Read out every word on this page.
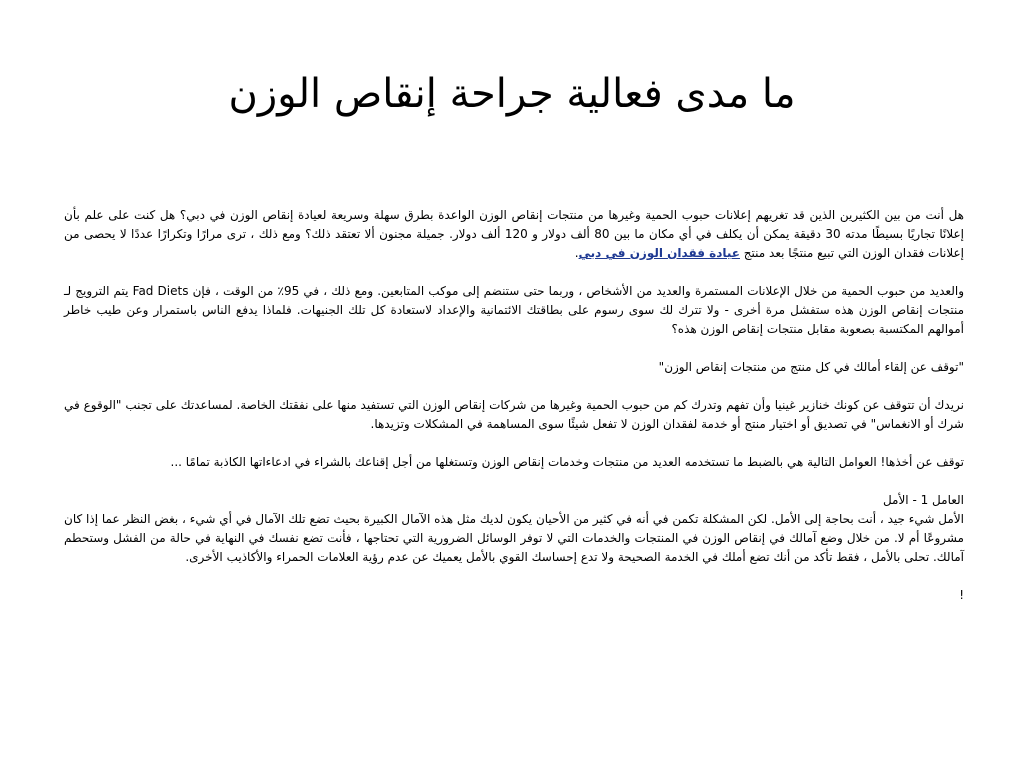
ما مدى فعالية جراحة إنقاص الوزن

هل أنت من بين الكثيرين الذين قد تغريهم إعلانات حبوب الحمية وغيرها من منتجات إنقاص الوزن الواعدة بطرق سهلة وسريعة لعيادة إنقاص الوزن في دبي؟ هل كنت على علم بأن إعلانًا تجاريًا بسيطًا مدته 30 دقيقة يمكن أن يكلف في أي مكان ما بين 80 ألف دولار و 120 ألف دولار. جميلة مجنون ألا تعتقد ذلك؟ ومع ذلك ، ترى مرارًا وتكرارًا عددًا لا يحصى من إعلانات فقدان الوزن التي تبيع منتجًا بعد منتج عيادة فقدان الوزن في دبي.

والعديد من حبوب الحمية من خلال الإعلانات المستمرة والعديد من الأشخاص ، وربما حتى ستنضم إلى موكب المتابعين. ومع ذلك ، في 95٪ من الوقت ، فإن Fad Diets يتم الترويج لـ منتجات إنقاص الوزن هذه ستفشل مرة أخرى - ولا تترك لك سوى رسوم على بطاقتك الائتمانية والإعداد لاستعادة كل تلك الجنيهات. فلماذا يدفع الناس باستمرار وعن طيب خاطر أموالهم المكتسبة بصعوبة مقابل منتجات إنقاص الوزن هذه؟

"توقف عن إلقاء أمالك في كل منتج من منتجات إنقاص الوزن"

نريدك أن تتوقف عن كونك خنازير غينيا وأن تفهم وتدرك كم من حبوب الحمية وغيرها من شركات إنقاص الوزن التي تستفيد منها على نفقتك الخاصة. لمساعدتك على تجنب "الوقوع في شرك أو الانغماس" في تصديق أو اختيار منتج أو خدمة لفقدان الوزن لا تفعل شيئًا سوى المساهمة في المشكلات وتزيدها.

توقف عن أخذها! العوامل التالية هي بالضبط ما تستخدمه العديد من منتجات وخدمات إنقاص الوزن وتستغلها من أجل إقناعك بالشراء في ادعاءاتها الكاذبة تمامًا ...

العامل 1 - الأمل

الأمل شيء جيد ، أنت بحاجة إلى الأمل. لكن المشكلة تكمن في أنه في كثير من الأحيان يكون لديك مثل هذه الآمال الكبيرة بحيث تضع تلك الآمال في أي شيء ، بغض النظر عما إذا كان مشروعًا أم لا. من خلال وضع آمالك في إنقاص الوزن في المنتجات والخدمات التي لا توفر الوسائل الضرورية التي تحتاجها ، فأنت تضع نفسك في النهاية في حالة من الفشل وستحطم آمالك. تحلى بالأمل ، فقط تأكد من أنك تضع أملك في الخدمة الصحيحة ولا تدع إحساسك القوي بالأمل يعميك عن عدم رؤية العلامات الحمراء والأكاذيب الأخرى.

!
